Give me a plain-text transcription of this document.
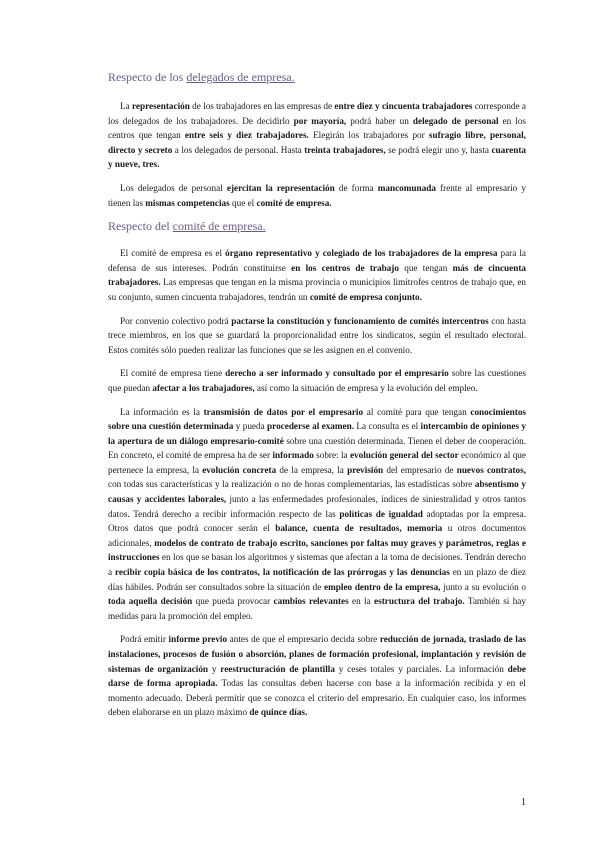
Respecto de los delegados de empresa.

La representación de los trabajadores en las empresas de entre diez y cincuenta trabajadores corresponde a los delegados de los trabajadores. De decidirlo por mayoría, podrá haber un delegado de personal en los centros que tengan entre seis y diez trabajadores. Elegirán los trabajadores por sufragio libre, personal, directo y secreto a los delegados de personal. Hasta treinta trabajadores, se podrá elegir uno y, hasta cuarenta y nueve, tres.

Los delegados de personal ejercitan la representación de forma mancomunada frente al empresario y tienen las mismas competencias que el comité de empresa.

Respecto del comité de empresa.

El comité de empresa es el órgano representativo y colegiado de los trabajadores de la empresa para la defensa de sus intereses. Podrán constituirse en los centros de trabajo que tengan más de cincuenta trabajadores. Las empresas que tengan en la misma provincia o municipios limítrofes centros de trabajo que, en su conjunto, sumen cincuenta trabajadores, tendrán un comité de empresa conjunto.

Por convenio colectivo podrá pactarse la constitución y funcionamiento de comités intercentros con hasta trece miembros, en los que se guardará la proporcionalidad entre los sindicatos, según el resultado electoral. Estos comités sólo pueden realizar las funciones que se les asignen en el convenio.

El comité de empresa tiene derecho a ser informado y consultado por el empresario sobre las cuestiones que puedan afectar a los trabajadores, así como la situación de empresa y la evolución del empleo.

La información es la transmisión de datos por el empresario al comité para que tengan conocimientos sobre una cuestión determinada y pueda procederse al examen. La consulta es el intercambio de opiniones y la apertura de un diálogo empresario-comité sobre una cuestión determinada. Tienen el deber de cooperación. En concreto, el comité de empresa ha de ser informado sobre: la evolución general del sector económico al que pertenece la empresa, la evolución concreta de la empresa, la previsión del empresario de nuevos contratos, con todas sus características y la realización o no de horas complementarias, las estadísticas sobre absentismo y causas y accidentes laborales, junto a las enfermedades profesionales, índices de siniestralidad y otros tantos datos. Tendrá derecho a recibir información respecto de las políticas de igualdad adoptadas por la empresa. Otros datos que podrá conocer serán el balance, cuenta de resultados, memoria u otros documentos adicionales, modelos de contrato de trabajo escrito, sanciones por faltas muy graves y parámetros, reglas e instrucciones en los que se basan los algoritmos y sistemas que afectan a la toma de decisiones. Tendrán derecho a recibir copia básica de los contratos, la notificación de las prórrogas y las denuncias en un plazo de diez días hábiles. Podrán ser consultados sobre la situación de empleo dentro de la empresa, junto a su evolución o toda aquella decisión que pueda provocar cambios relevantes en la estructura del trabajo. También si hay medidas para la promoción del empleo.

Podrá emitir informe previo antes de que el empresario decida sobre reducción de jornada, traslado de las instalaciones, procesos de fusión o absorción, planes de formación profesional, implantación y revisión de sistemas de organización y reestructuración de plantilla y ceses totales y parciales. La información debe darse de forma apropiada. Todas las consultas deben hacerse con base a la información recibida y en el momento adecuado. Deberá permitir que se conozca el criterio del empresario. En cualquier caso, los informes deben elaborarse en un plazo máximo de quince días.

1
